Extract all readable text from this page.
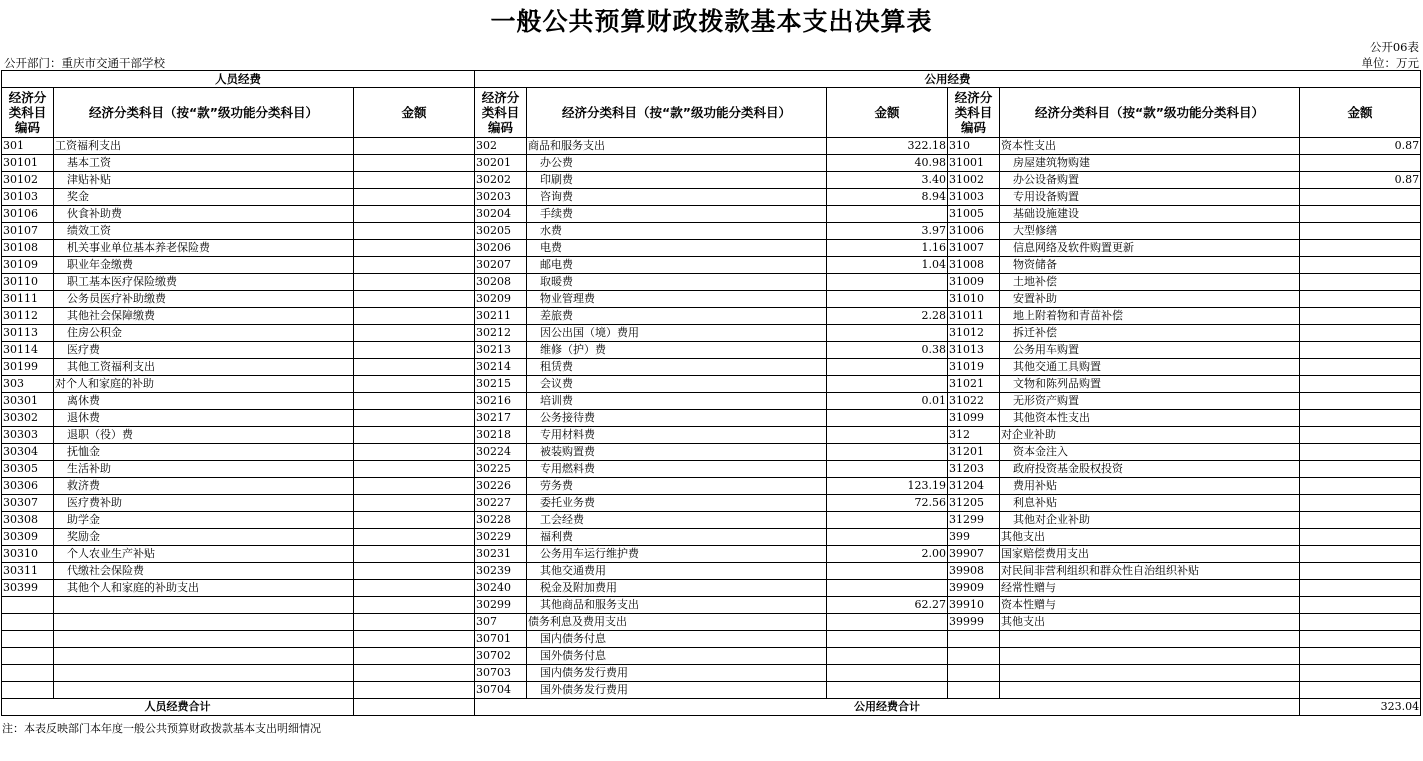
一般公共预算财政拨款基本支出决算表
公开06表
公开部门：重庆市交通干部学校	单位：万元
人员经费			公用经费					
经济分类科目编码	经济分类科目（按“款”级功能分类科目）	金额	经济分类科目编码	经济分类科目（按“款”级功能分类科目）	金额	经济分类科目编码	经济分类科目（按“款”级功能分类科目）	金额
301	工资福利支出		302	商品和服务支出	322.18	310	资本性支出	0.87
30101	基本工资		30201	办公费	40.98	31001	房屋建筑物购建	
30102	津贴补贴		30202	印刷费	3.40	31002	办公设备购置	0.87
30103	奖金		30203	咨询费	8.94	31003	专用设备购置	
30106	伙食补助费		30204	手续费		31005	基础设施建设	
30107	绩效工资		30205	水费	3.97	31006	大型修缮	
30108	机关事业单位基本养老保险费		30206	电费	1.16	31007	信息网络及软件购置更新	
30109	职业年金缴费		30207	邮电费	1.04	31008	物资储备	
30110	职工基本医疗保险缴费		30208	取暖费		31009	土地补偿	
30111	公务员医疗补助缴费		30209	物业管理费		31010	安置补助	
30112	其他社会保障缴费		30211	差旅费	2.28	31011	地上附着物和青苗补偿	
30113	住房公积金		30212	因公出国（境）费用		31012	拆迁补偿	
30114	医疗费		30213	维修（护）费	0.38	31013	公务用车购置	
30199	其他工资福利支出		30214	租赁费		31019	其他交通工具购置	
303	对个人和家庭的补助		30215	会议费		31021	文物和陈列品购置	
30301	离休费		30216	培训费	0.01	31022	无形资产购置	
30302	退休费		30217	公务接待费		31099	其他资本性支出	
30303	退职（役）费		30218	专用材料费		312	对企业补助	
30304	抚恤金		30224	被装购置费		31201	资本金注入	
30305	生活补助		30225	专用燃料费		31203	政府投资基金股权投资	
30306	救济费		30226	劳务费	123.19	31204	费用补贴	
30307	医疗费补助		30227	委托业务费	72.56	31205	利息补贴	
30308	助学金		30228	工会经费		31299	其他对企业补助	
30309	奖励金		30229	福利费		399	其他支出	
30310	个人农业生产补贴		30231	公务用车运行维护费	2.00	39907	国家赔偿费用支出	
30311	代缴社会保险费		30239	其他交通费用		39908	对民间非营利组织和群众性自治组织补贴	
30399	其他个人和家庭的补助支出		30240	税金及附加费用		39909	经常性赠与	
			30299	其他商品和服务支出	62.27	39910	资本性赠与	
			307	债务利息及费用支出		39999	其他支出	
			30701	国内债务付息				
			30702	国外债务付息				
			30703	国内债务发行费用				
			30704	国外债务发行费用				
人员经费合计			公用经费合计					323.04
注：本表反映部门本年度一般公共预算财政拨款基本支出明细情况
